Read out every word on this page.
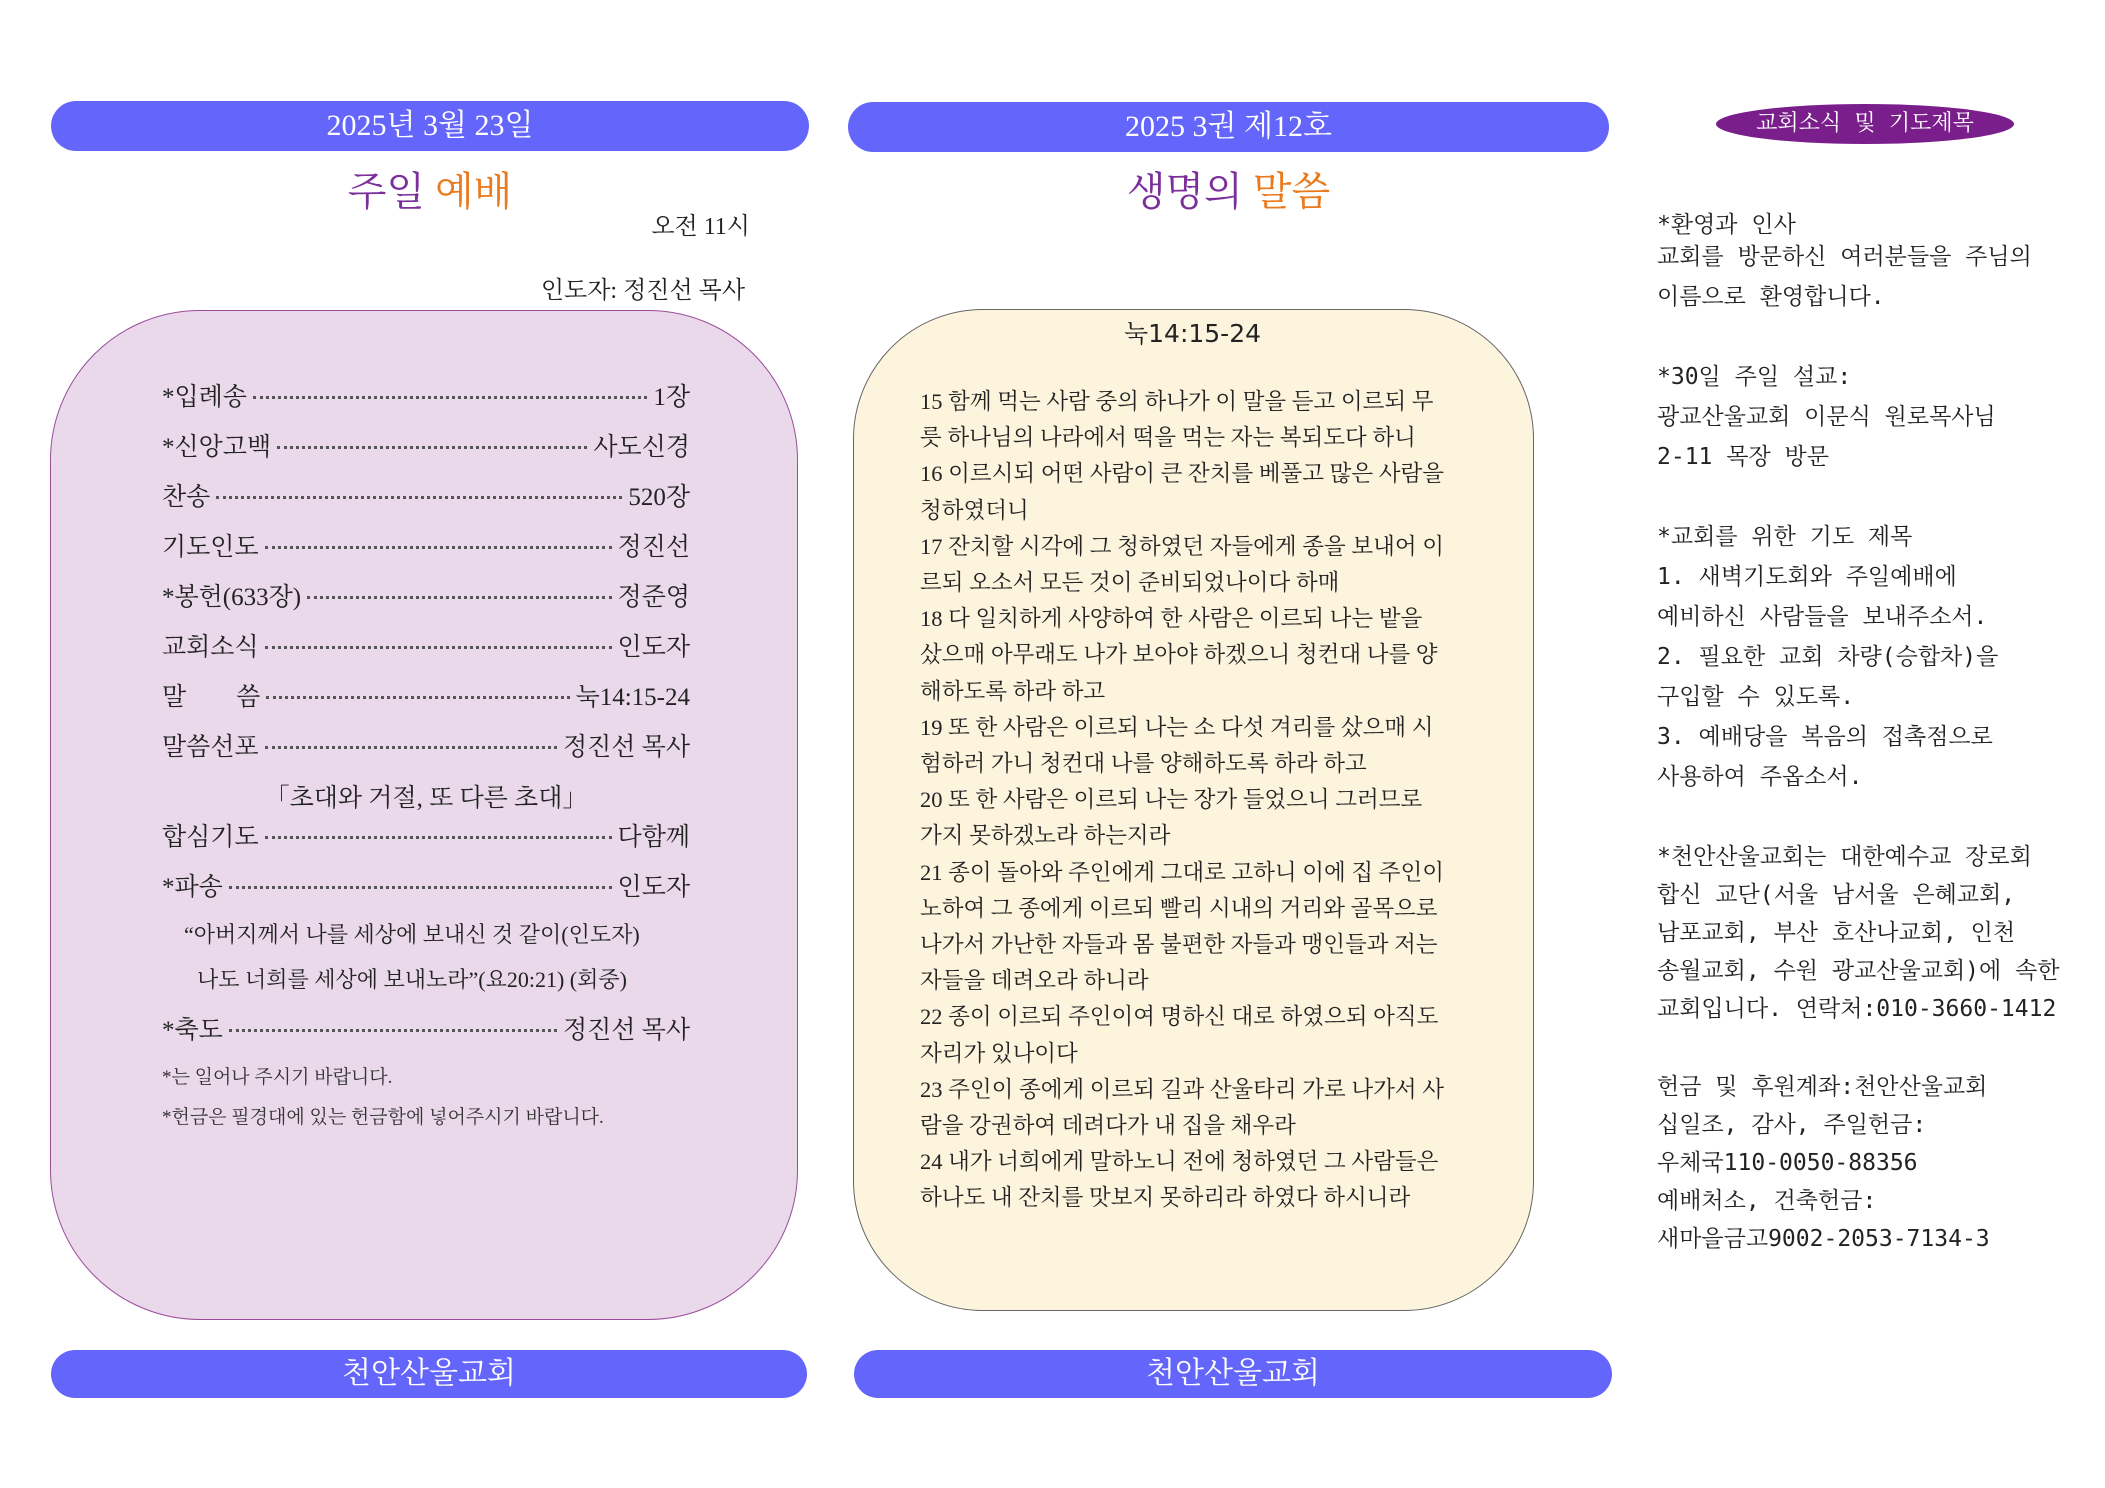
2025년 3월 23일
주일 예배
오전 11시
인도자: 정진선 목사
*입례송	1장
*신앙고백	사도신경
찬송	520장
기도인도	정진선
*봉헌(633장)	정준영
교회소식	인도자
말　　씀	눅14:15-24
말씀선포	정진선 목사
「초대와 거절, 또 다른 초대」
합심기도	다함께
*파송	인도자
“아버지께서 나를 세상에 보내신 것 같이(인도자)
나도 너희를 세상에 보내노라”(요20:21) (회중)
*축도	정진선 목사
*는 일어나 주시기 바랍니다.
*헌금은 필경대에 있는 헌금함에 넣어주시기 바랍니다.
천안산울교회
2025 3권 제12호
생명의 말씀
눅14:15-24
15 함께 먹는 사람 중의 하나가 이 말을 듣고 이르되 무
릇 하나님의 나라에서 떡을 먹는 자는 복되도다 하니
16 이르시되 어떤 사람이 큰 잔치를 베풀고 많은 사람을
청하였더니
17 잔치할 시각에 그 청하였던 자들에게 종을 보내어 이
르되 오소서 모든 것이 준비되었나이다 하매
18 다 일치하게 사양하여 한 사람은 이르되 나는 밭을
샀으매 아무래도 나가 보아야 하겠으니 청컨대 나를 양
해하도록 하라 하고
19 또 한 사람은 이르되 나는 소 다섯 겨리를 샀으매 시
험하러 가니 청컨대 나를 양해하도록 하라 하고
20 또 한 사람은 이르되 나는 장가 들었으니 그러므로
가지 못하겠노라 하는지라
21 종이 돌아와 주인에게 그대로 고하니 이에 집 주인이
노하여 그 종에게 이르되 빨리 시내의 거리와 골목으로
나가서 가난한 자들과 몸 불편한 자들과 맹인들과 저는
자들을 데려오라 하니라
22 종이 이르되 주인이여 명하신 대로 하였으되 아직도
자리가 있나이다
23 주인이 종에게 이르되 길과 산울타리 가로 나가서 사
람을 강권하여 데려다가 내 집을 채우라
24 내가 너희에게 말하노니 전에 청하였던 그 사람들은
하나도 내 잔치를 맛보지 못하리라 하였다 하시니라
천안산울교회
교회소식 및 기도제목
*환영과 인사
교회를 방문하신 여러분들을 주님의
이름으로 환영합니다.
*30일 주일 설교:
광교산울교회 이문식 원로목사님
2-11 목장 방문
*교회를 위한 기도 제목
1. 새벽기도회와 주일예배에
예비하신 사람들을 보내주소서.
2. 필요한 교회 차량(승합차)을
구입할 수 있도록.
3. 예배당을 복음의 접촉점으로
사용하여 주옵소서.
*천안산울교회는 대한예수교 장로회
합신 교단(서울 남서울 은혜교회,
남포교회, 부산 호산나교회, 인천
송월교회, 수원 광교산울교회)에 속한
교회입니다. 연락처:010-3660-1412
헌금 및 후원계좌:천안산울교회
십일조, 감사, 주일헌금:
우체국110-0050-88356
예배처소, 건축헌금:
새마을금고9002-2053-7134-3
